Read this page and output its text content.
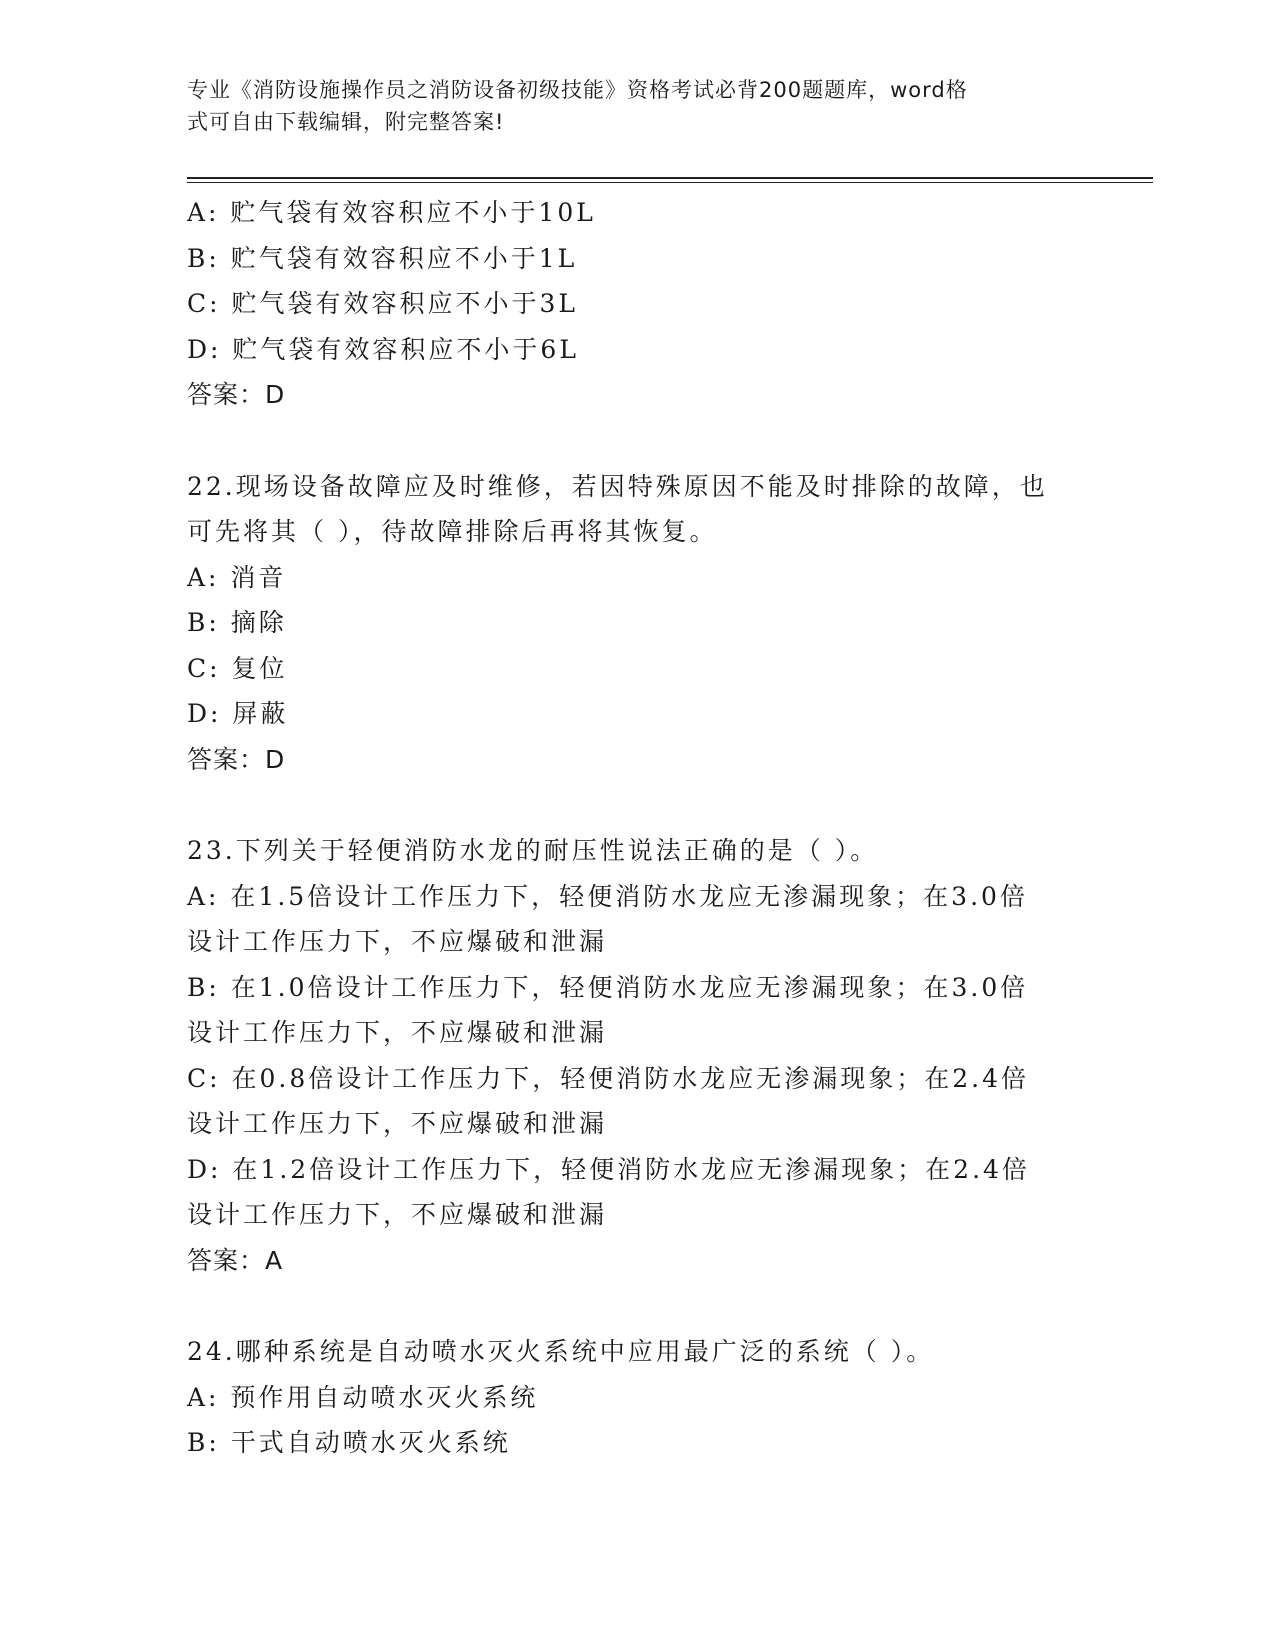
专业《消防设施操作员之消防设备初级技能》资格考试必背200题题库，word格
式可自由下载编辑，附完整答案!
A: 贮气袋有效容积应不小于10L
B: 贮气袋有效容积应不小于1L
C: 贮气袋有效容积应不小于3L
D: 贮气袋有效容积应不小于6L
答案：D
22.现场设备故障应及时维修，若因特殊原因不能及时排除的故障，也
可先将其（ ），待故障排除后再将其恢复。
A: 消音
B: 摘除
C: 复位
D: 屏蔽
答案：D
23.下列关于轻便消防水龙的耐压性说法正确的是（ ）。
A: 在1.5倍设计工作压力下，轻便消防水龙应无渗漏现象；在3.0倍
设计工作压力下，不应爆破和泄漏
B: 在1.0倍设计工作压力下，轻便消防水龙应无渗漏现象；在3.0倍
设计工作压力下，不应爆破和泄漏
C: 在0.8倍设计工作压力下，轻便消防水龙应无渗漏现象；在2.4倍
设计工作压力下，不应爆破和泄漏
D: 在1.2倍设计工作压力下，轻便消防水龙应无渗漏现象；在2.4倍
设计工作压力下，不应爆破和泄漏
答案：A
24.哪种系统是自动喷水灭火系统中应用最广泛的系统（ ）。
A: 预作用自动喷水灭火系统
B: 干式自动喷水灭火系统
